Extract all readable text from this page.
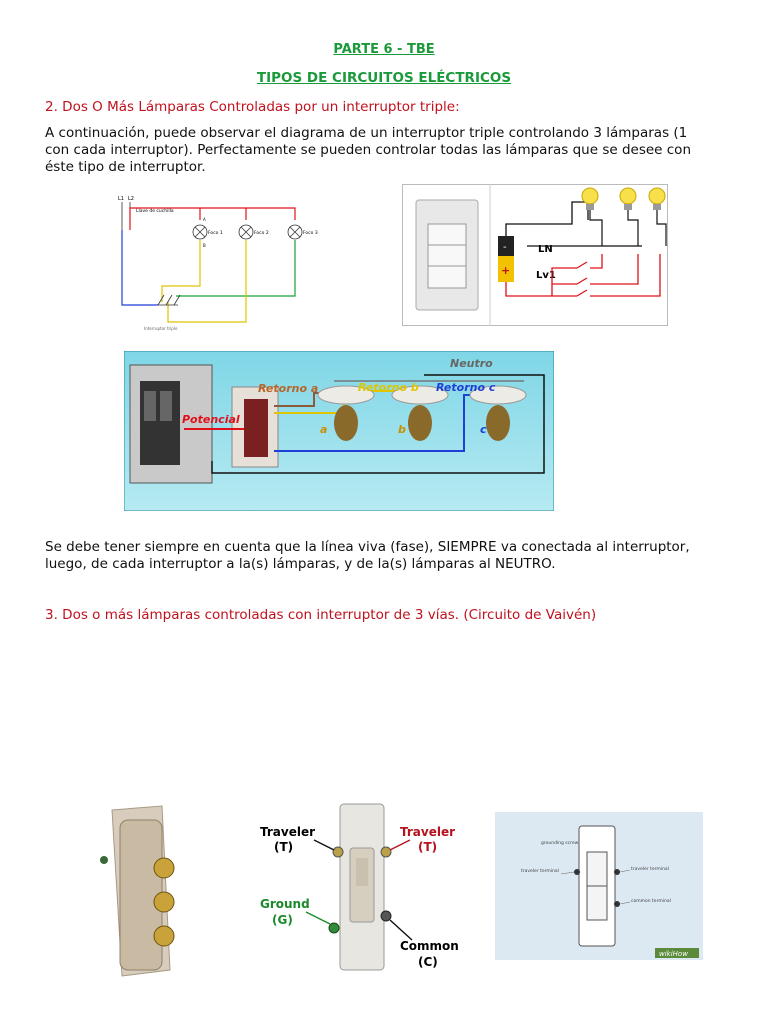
PARTE 6 - TBE
TIPOS DE CIRCUITOS ELÉCTRICOS
2. Dos O Más Lámparas Controladas por un interruptor triple:
A continuación, puede observar el diagrama de un interruptor triple controlando 3 lámparas (1 con cada interruptor). Perfectamente se pueden controlar todas las lámparas que se desee con éste tipo de interruptor.
L1 L2
Llave de cuchilla
Foco 1	Foco 2	Foco 3
A
B
Interruptor triple
-
+
LN
Lv1
Neutro
Retorno a	Retorno b Retorno c
Potencial
a	b	c
Se debe tener siempre en cuenta que la línea viva (fase), SIEMPRE va conectada al interruptor, luego, de cada interruptor a la(s) lámparas, y de la(s) lámparas al NEUTRO.
3. Dos o más lámparas controladas con interruptor de 3 vías. (Circuito de Vaivén)
Traveler
(T)
Traveler
(T)
Ground
(G)
Common
(C)
grounding screw
traveler terminal	traveler terminal
common terminal
wikiHow
